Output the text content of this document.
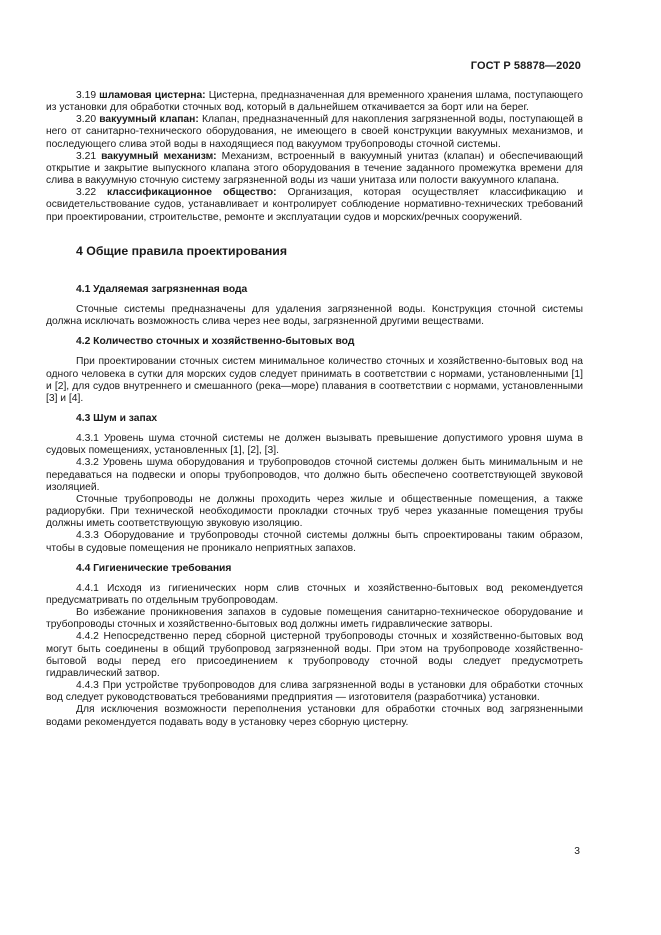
ГОСТ Р 58878—2020

3.19 шламовая цистерна: Цистерна, предназначенная для временного хранения шлама, поступающего из установки для обработки сточных вод, который в дальнейшем откачивается за борт или на берег.

3.20 вакуумный клапан: Клапан, предназначенный для накопления загрязненной воды, поступающей в него от санитарно-технического оборудования, не имеющего в своей конструкции вакуумных механизмов, и последующего слива этой воды в находящиеся под вакуумом трубопроводы сточной системы.

3.21 вакуумный механизм: Механизм, встроенный в вакуумный унитаз (клапан) и обеспечивающий открытие и закрытие выпускного клапана этого оборудования в течение заданного промежутка времени для слива в вакуумную сточную систему загрязненной воды из чаши унитаза или полости вакуумного клапана.

3.22 классификационное общество: Организация, которая осуществляет классификацию и освидетельствование судов, устанавливает и контролирует соблюдение нормативно-технических требований при проектировании, строительстве, ремонте и эксплуатации судов и морских/речных сооружений.

4 Общие правила проектирования
4.1 Удаляемая загрязненная вода

Сточные системы предназначены для удаления загрязненной воды. Конструкция сточной системы должна исключать возможность слива через нее воды, загрязненной другими веществами.

4.2 Количество сточных и хозяйственно-бытовых вод

При проектировании сточных систем минимальное количество сточных и хозяйственно-бытовых вод на одного человека в сутки для морских судов следует принимать в соответствии с нормами, установленными [1] и [2], для судов внутреннего и смешанного (река—море) плавания в соответствии с нормами, установленными [3] и [4].

4.3 Шум и запах

4.3.1 Уровень шума сточной системы не должен вызывать превышение допустимого уровня шума в судовых помещениях, установленных [1], [2], [3].

4.3.2 Уровень шума оборудования и трубопроводов сточной системы должен быть минимальным и не передаваться на подвески и опоры трубопроводов, что должно быть обеспечено соответствующей звуковой изоляцией.

Сточные трубопроводы не должны проходить через жилые и общественные помещения, а также радиорубки. При технической необходимости прокладки сточных труб через указанные помещения трубы должны иметь соответствующую звуковую изоляцию.

4.3.3 Оборудование и трубопроводы сточной системы должны быть спроектированы таким образом, чтобы в судовые помещения не проникало неприятных запахов.

4.4 Гигиенические требования

4.4.1 Исходя из гигиенических норм слив сточных и хозяйственно-бытовых вод рекомендуется предусматривать по отдельным трубопроводам.

Во избежание проникновения запахов в судовые помещения санитарно-техническое оборудование и трубопроводы сточных и хозяйственно-бытовых вод должны иметь гидравлические затворы.

4.4.2 Непосредственно перед сборной цистерной трубопроводы сточных и хозяйственно-бытовых вод могут быть соединены в общий трубопровод загрязненной воды. При этом на трубопроводе хозяйственно-бытовой воды перед его присоединением к трубопроводу сточной воды следует предусмотреть гидравлический затвор.

4.4.3 При устройстве трубопроводов для слива загрязненной воды в установки для обработки сточных вод следует руководствоваться требованиями предприятия — изготовителя (разработчика) установки.

Для исключения возможности переполнения установки для обработки сточных вод загрязненными водами рекомендуется подавать воду в установку через сборную цистерну.

3
